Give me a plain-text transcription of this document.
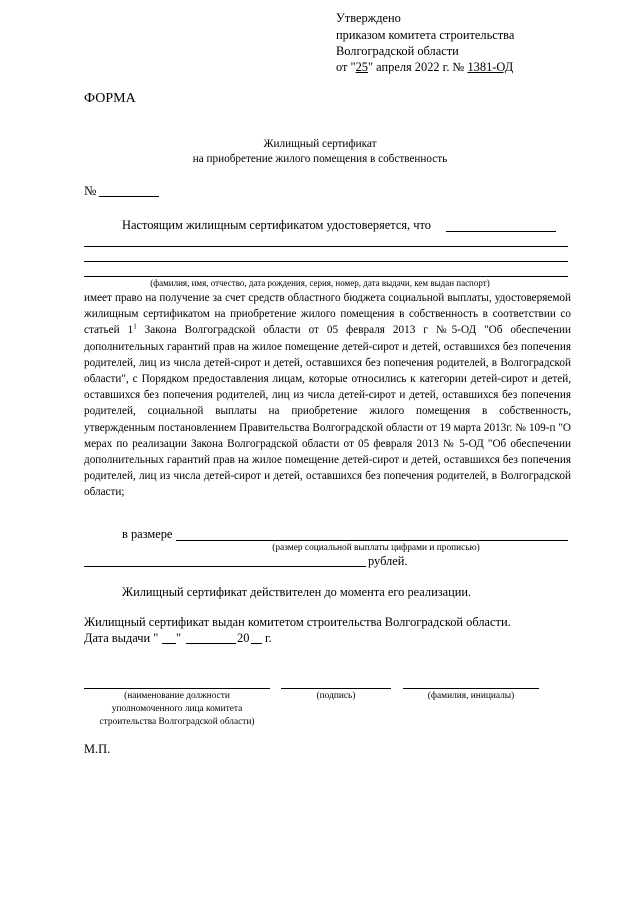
Утверждено
приказом комитета строительства
Волгоградской области
от "25" апреля 2022 г. № 1381-ОД
ФОРМА
Жилищный сертификат
на приобретение жилого помещения в собственность
№
Настоящим жилищным сертификатом удостоверяется, что
(фамилия, имя, отчество, дата рождения, серия, номер, дата выдачи, кем выдан паспорт)
имеет право на получение за счет средств областного бюджета социальной выплаты, удостоверяемой жилищным сертификатом на приобретение жилого помещения в собственность в соответствии со статьей $1^1$ Закона Волгоградской области от 05 февраля 2013 г №5-ОД "Об обеспечении дополнительных гарантий прав на жилое помещение детей-сирот и детей, оставшихся без попечения родителей, лиц из числа детей-сирот и детей, оставшихся без попечения родителей, в Волгоградской области", с Порядком предоставления лицам, которые относились к категории детей-сирот и детей, оставшихся без попечения родителей, лиц из числа детей-сирот и детей, оставшихся без попечения родителей, социальной выплаты на приобретение жилого помещения в собственность, утвержденным постановлением Правительства Волгоградской области от 19 марта 2013г. № 109-п "О мерах по реализации Закона Волгоградской области от 05 февраля 2013 № 5-ОД "Об обеспечении дополнительных гарантий прав на жилое помещение детей-сирот и детей, оставшихся без попечения родителей, лиц из числа детей-сирот и детей, оставшихся без попечения родителей, в Волгоградской области;
в размере
(размер социальной выплаты цифрами и прописью)
рублей.
Жилищный сертификат действителен до момента его реализации.
Жилищный сертификат выдан комитетом строительства Волгоградской области.
Дата выдачи " "	20 г.
(наименование должности
уполномоченного лица комитета
строительства Волгоградской области)
(подпись)	(фамилия, инициалы)
М.П.
